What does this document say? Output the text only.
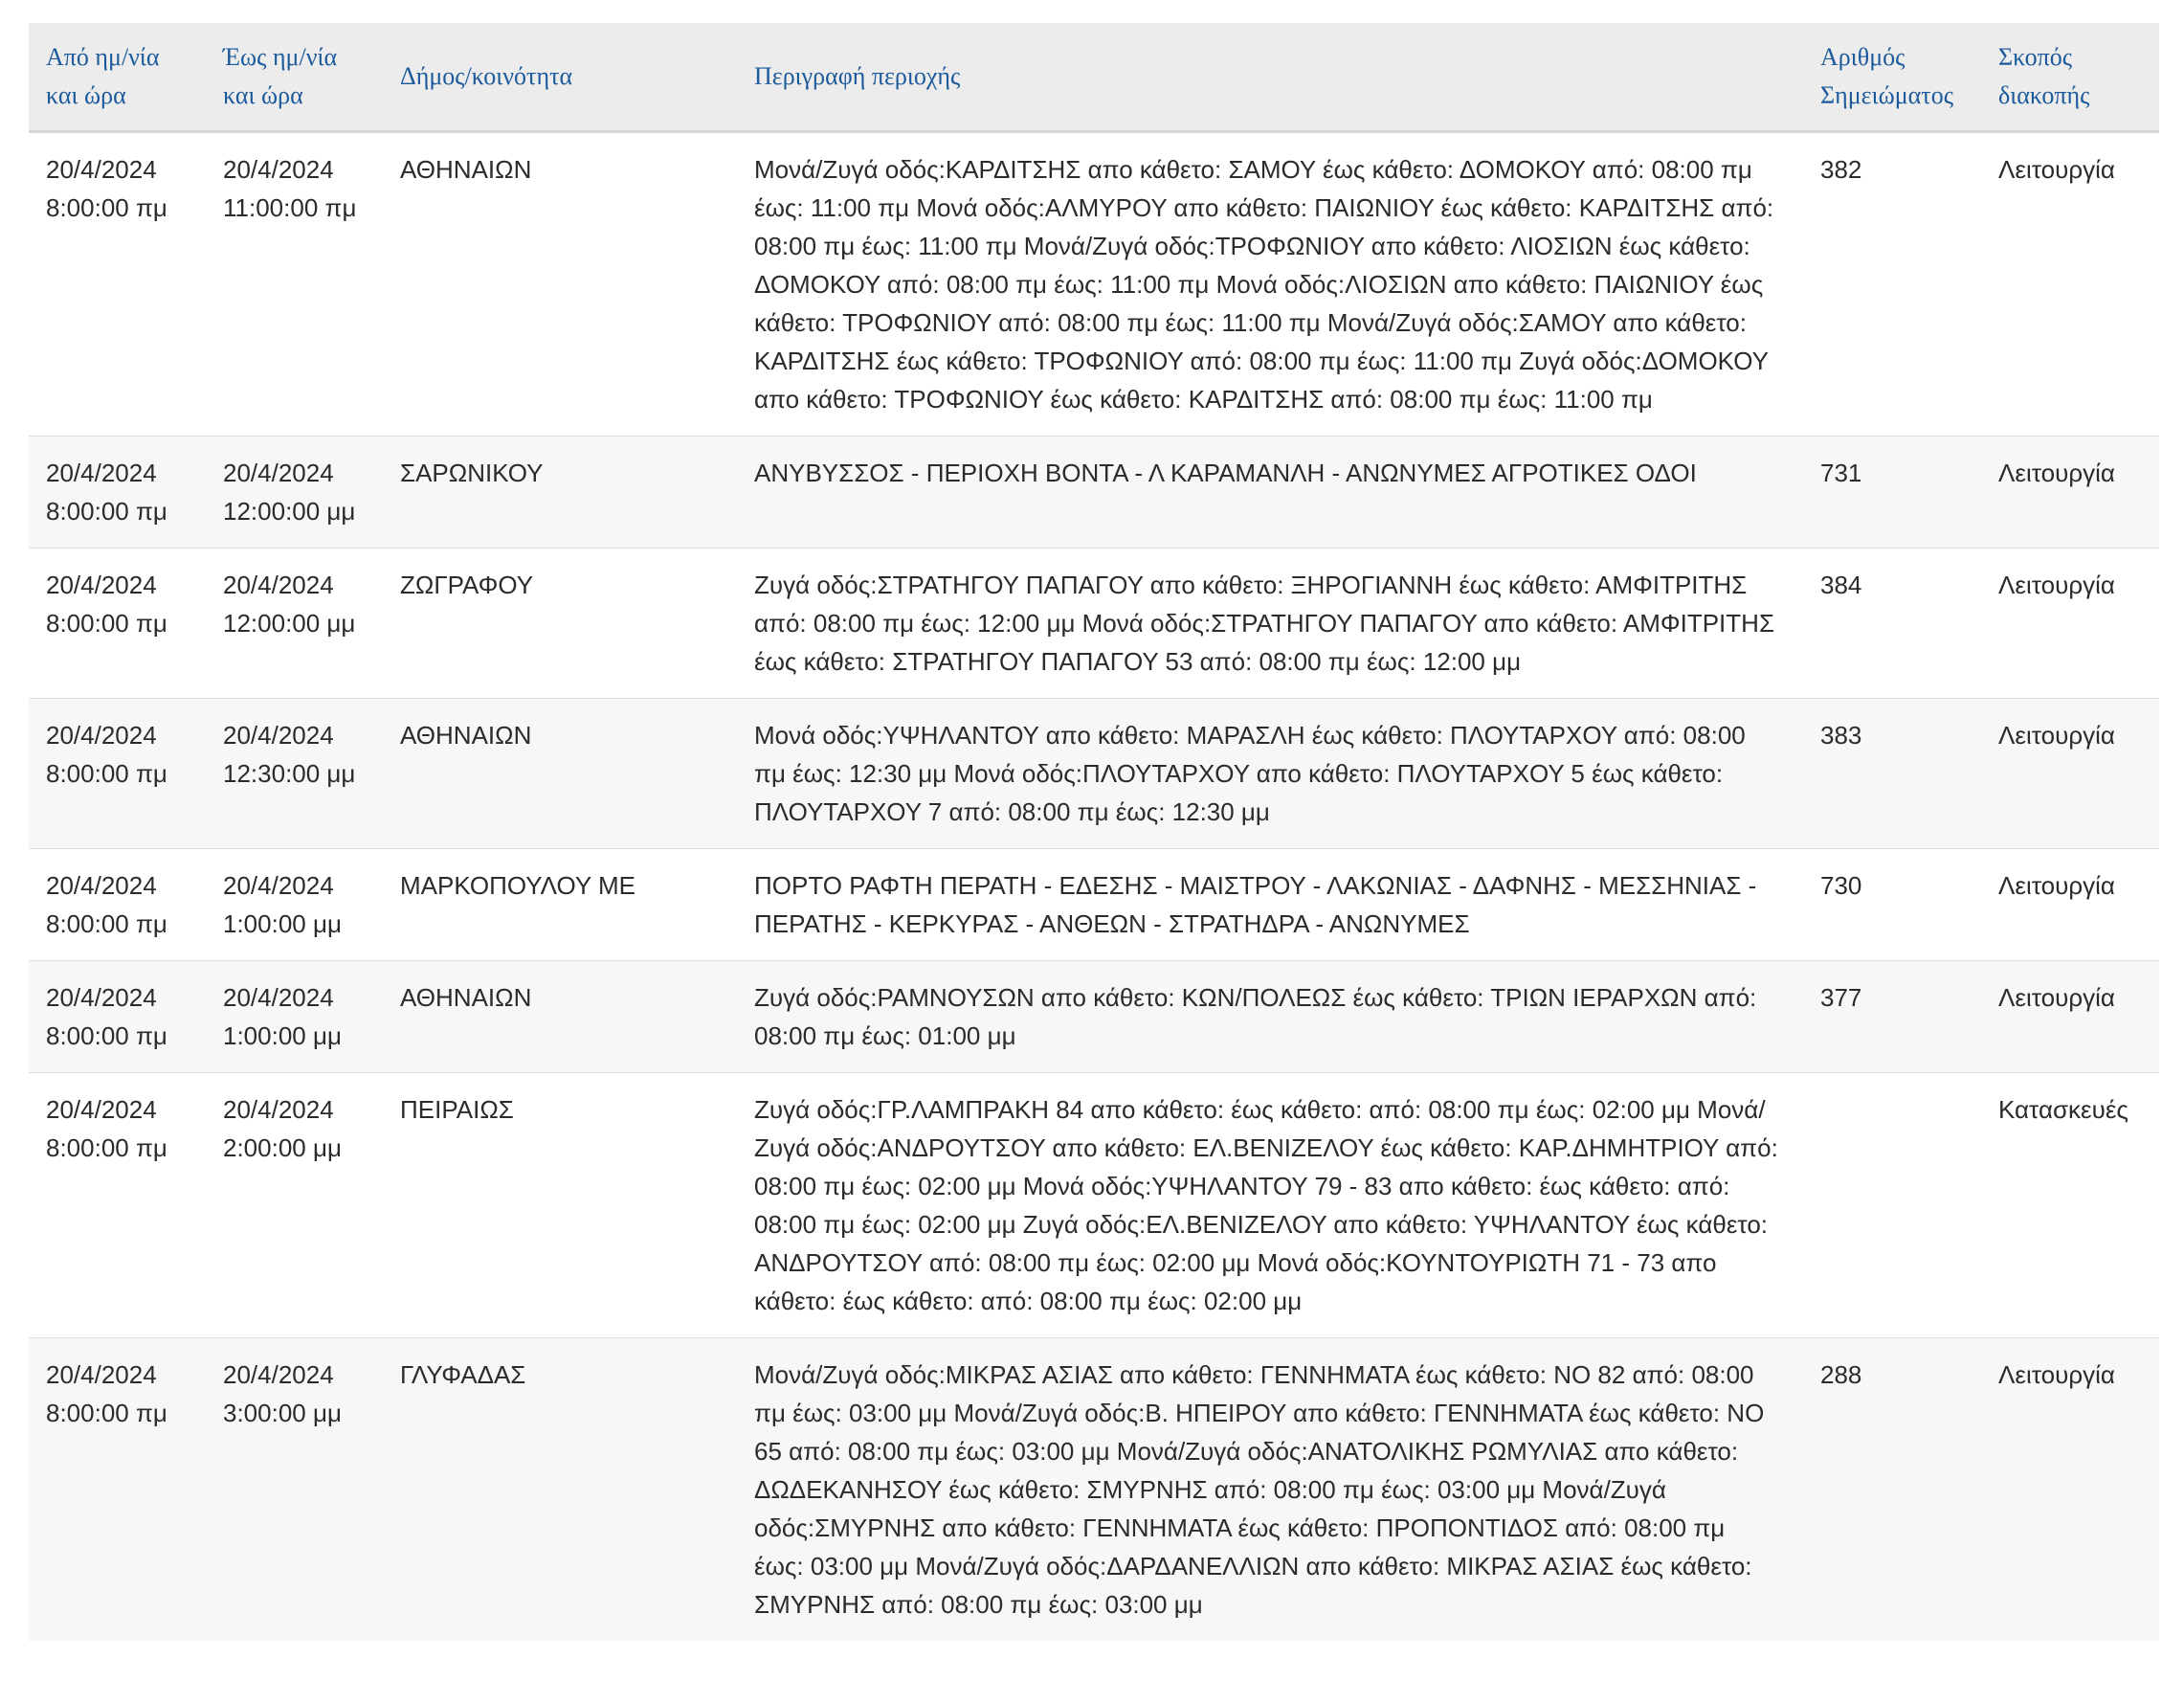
Από ημ/νία
και ώρα	Έως ημ/νία
και ώρα	Δήμος/κοινότητα	Περιγραφή περιοχής	Αριθμός
Σημειώματος	Σκοπός
διακοπής

20/4/2024
8:00:00 πμ	20/4/2024
11:00:00 πμ	ΑΘΗΝΑΙΩΝ	Μονά/Ζυγά οδός:ΚΑΡΔΙΤΣΗΣ απο κάθετο: ΣΑΜΟΥ έως κάθετο: ΔΟΜΟΚΟΥ από: 08:00 πμ έως: 11:00 πμ Μονά οδός:ΑΛΜΥΡΟΥ απο κάθετο: ΠΑΙΩΝΙΟΥ έως κάθετο: ΚΑΡΔΙΤΣΗΣ από: 08:00 πμ έως: 11:00 πμ Μονά/Ζυγά οδός:ΤΡΟΦΩΝΙΟΥ απο κάθετο: ΛΙΟΣΙΩΝ έως κάθετο: ΔΟΜΟΚΟΥ από: 08:00 πμ έως: 11:00 πμ Μονά οδός:ΛΙΟΣΙΩΝ απο κάθετο: ΠΑΙΩΝΙΟΥ έως κάθετο: ΤΡΟΦΩΝΙΟΥ από: 08:00 πμ έως: 11:00 πμ Μονά/Ζυγά οδός:ΣΑΜΟΥ απο κάθετο: ΚΑΡΔΙΤΣΗΣ έως κάθετο: ΤΡΟΦΩΝΙΟΥ από: 08:00 πμ έως: 11:00 πμ Ζυγά οδός:ΔΟΜΟΚΟΥ απο κάθετο: ΤΡΟΦΩΝΙΟΥ έως κάθετο: ΚΑΡΔΙΤΣΗΣ από: 08:00 πμ έως: 11:00 πμ	382	Λειτουργία

20/4/2024
8:00:00 πμ	20/4/2024
12:00:00 μμ	ΣΑΡΩΝΙΚΟΥ	ΑΝΥΒΥΣΣΟΣ - ΠΕΡΙΟΧΗ ΒΟΝΤΑ - Λ ΚΑΡΑΜΑΝΛΗ - ΑΝΩΝΥΜΕΣ ΑΓΡΟΤΙΚΕΣ ΟΔΟΙ	731	Λειτουργία

20/4/2024
8:00:00 πμ	20/4/2024
12:00:00 μμ	ΖΩΓΡΑΦΟΥ	Ζυγά οδός:ΣΤΡΑΤΗΓΟΥ ΠΑΠΑΓΟΥ απο κάθετο: ΞΗΡΟΓΙΑΝΝΗ έως κάθετο: ΑΜΦΙΤΡΙΤΗΣ από: 08:00 πμ έως: 12:00 μμ Μονά οδός:ΣΤΡΑΤΗΓΟΥ ΠΑΠΑΓΟΥ απο κάθετο: ΑΜΦΙΤΡΙΤΗΣ έως κάθετο: ΣΤΡΑΤΗΓΟΥ ΠΑΠΑΓΟΥ 53 από: 08:00 πμ έως: 12:00 μμ	384	Λειτουργία

20/4/2024
8:00:00 πμ	20/4/2024
12:30:00 μμ	ΑΘΗΝΑΙΩΝ	Μονά οδός:ΥΨΗΛΑΝΤΟΥ απο κάθετο: ΜΑΡΑΣΛΗ έως κάθετο: ΠΛΟΥΤΑΡΧΟΥ από: 08:00 πμ έως: 12:30 μμ Μονά οδός:ΠΛΟΥΤΑΡΧΟΥ απο κάθετο: ΠΛΟΥΤΑΡΧΟΥ 5 έως κάθετο: ΠΛΟΥΤΑΡΧΟΥ 7 από: 08:00 πμ έως: 12:30 μμ	383	Λειτουργία

20/4/2024
8:00:00 πμ	20/4/2024
1:00:00 μμ	ΜΑΡΚΟΠΟΥΛΟΥ ΜΕ	ΠΟΡΤΟ ΡΑΦΤΗ ΠΕΡΑΤΗ - ΕΔΕΣΗΣ - ΜΑΙΣΤΡΟΥ - ΛΑΚΩΝΙΑΣ - ΔΑΦΝΗΣ - ΜΕΣΣΗΝΙΑΣ - ΠΕΡΑΤΗΣ - ΚΕΡΚΥΡΑΣ - ΑΝΘΕΩΝ - ΣΤΡΑΤΗΔΡΑ - ΑΝΩΝΥΜΕΣ	730	Λειτουργία

20/4/2024
8:00:00 πμ	20/4/2024
1:00:00 μμ	ΑΘΗΝΑΙΩΝ	Ζυγά οδός:ΡΑΜΝΟΥΣΩΝ απο κάθετο: ΚΩΝ/ΠΟΛΕΩΣ έως κάθετο: ΤΡΙΩΝ ΙΕΡΑΡΧΩΝ από: 08:00 πμ έως: 01:00 μμ	377	Λειτουργία

20/4/2024
8:00:00 πμ	20/4/2024
2:00:00 μμ	ΠΕΙΡΑΙΩΣ	Ζυγά οδός:ΓΡ.ΛΑΜΠΡΑΚΗ 84 απο κάθετο: έως κάθετο: από: 08:00 πμ έως: 02:00 μμ Μονά/Ζυγά οδός:ΑΝΔΡΟΥΤΣΟΥ απο κάθετο: ΕΛ.ΒΕΝΙΖΕΛΟΥ έως κάθετο: ΚΑΡ.ΔΗΜΗΤΡΙΟΥ από: 08:00 πμ έως: 02:00 μμ Μονά οδός:ΥΨΗΛΑΝΤΟΥ 79 - 83 απο κάθετο: έως κάθετο: από: 08:00 πμ έως: 02:00 μμ Ζυγά οδός:ΕΛ.ΒΕΝΙΖΕΛΟΥ απο κάθετο: ΥΨΗΛΑΝΤΟΥ έως κάθετο: ΑΝΔΡΟΥΤΣΟΥ από: 08:00 πμ έως: 02:00 μμ Μονά οδός:ΚΟΥΝΤΟΥΡΙΩΤΗ 71 - 73 απο κάθετο: έως κάθετο: από: 08:00 πμ έως: 02:00 μμ		Κατασκευές

20/4/2024
8:00:00 πμ	20/4/2024
3:00:00 μμ	ΓΛΥΦΑΔΑΣ	Μονά/Ζυγά οδός:ΜΙΚΡΑΣ ΑΣΙΑΣ απο κάθετο: ΓΕΝΝΗΜΑΤΑ έως κάθετο: ΝΟ 82 από: 08:00 πμ έως: 03:00 μμ Μονά/Ζυγά οδός:Β. ΗΠΕΙΡΟΥ απο κάθετο: ΓΕΝΝΗΜΑΤΑ έως κάθετο: ΝΟ 65 από: 08:00 πμ έως: 03:00 μμ Μονά/Ζυγά οδός:ΑΝΑΤΟΛΙΚΗΣ ΡΩΜΥΛΙΑΣ απο κάθετο: ΔΩΔΕΚΑΝΗΣΟΥ έως κάθετο: ΣΜΥΡΝΗΣ από: 08:00 πμ έως: 03:00 μμ Μονά/Ζυγά οδός:ΣΜΥΡΝΗΣ απο κάθετο: ΓΕΝΝΗΜΑΤΑ έως κάθετο: ΠΡΟΠΟΝΤΙΔΟΣ από: 08:00 πμ έως: 03:00 μμ Μονά/Ζυγά οδός:ΔΑΡΔΑΝΕΛΛΙΩΝ απο κάθετο: ΜΙΚΡΑΣ ΑΣΙΑΣ έως κάθετο: ΣΜΥΡΝΗΣ από: 08:00 πμ έως: 03:00 μμ	288	Λειτουργία
